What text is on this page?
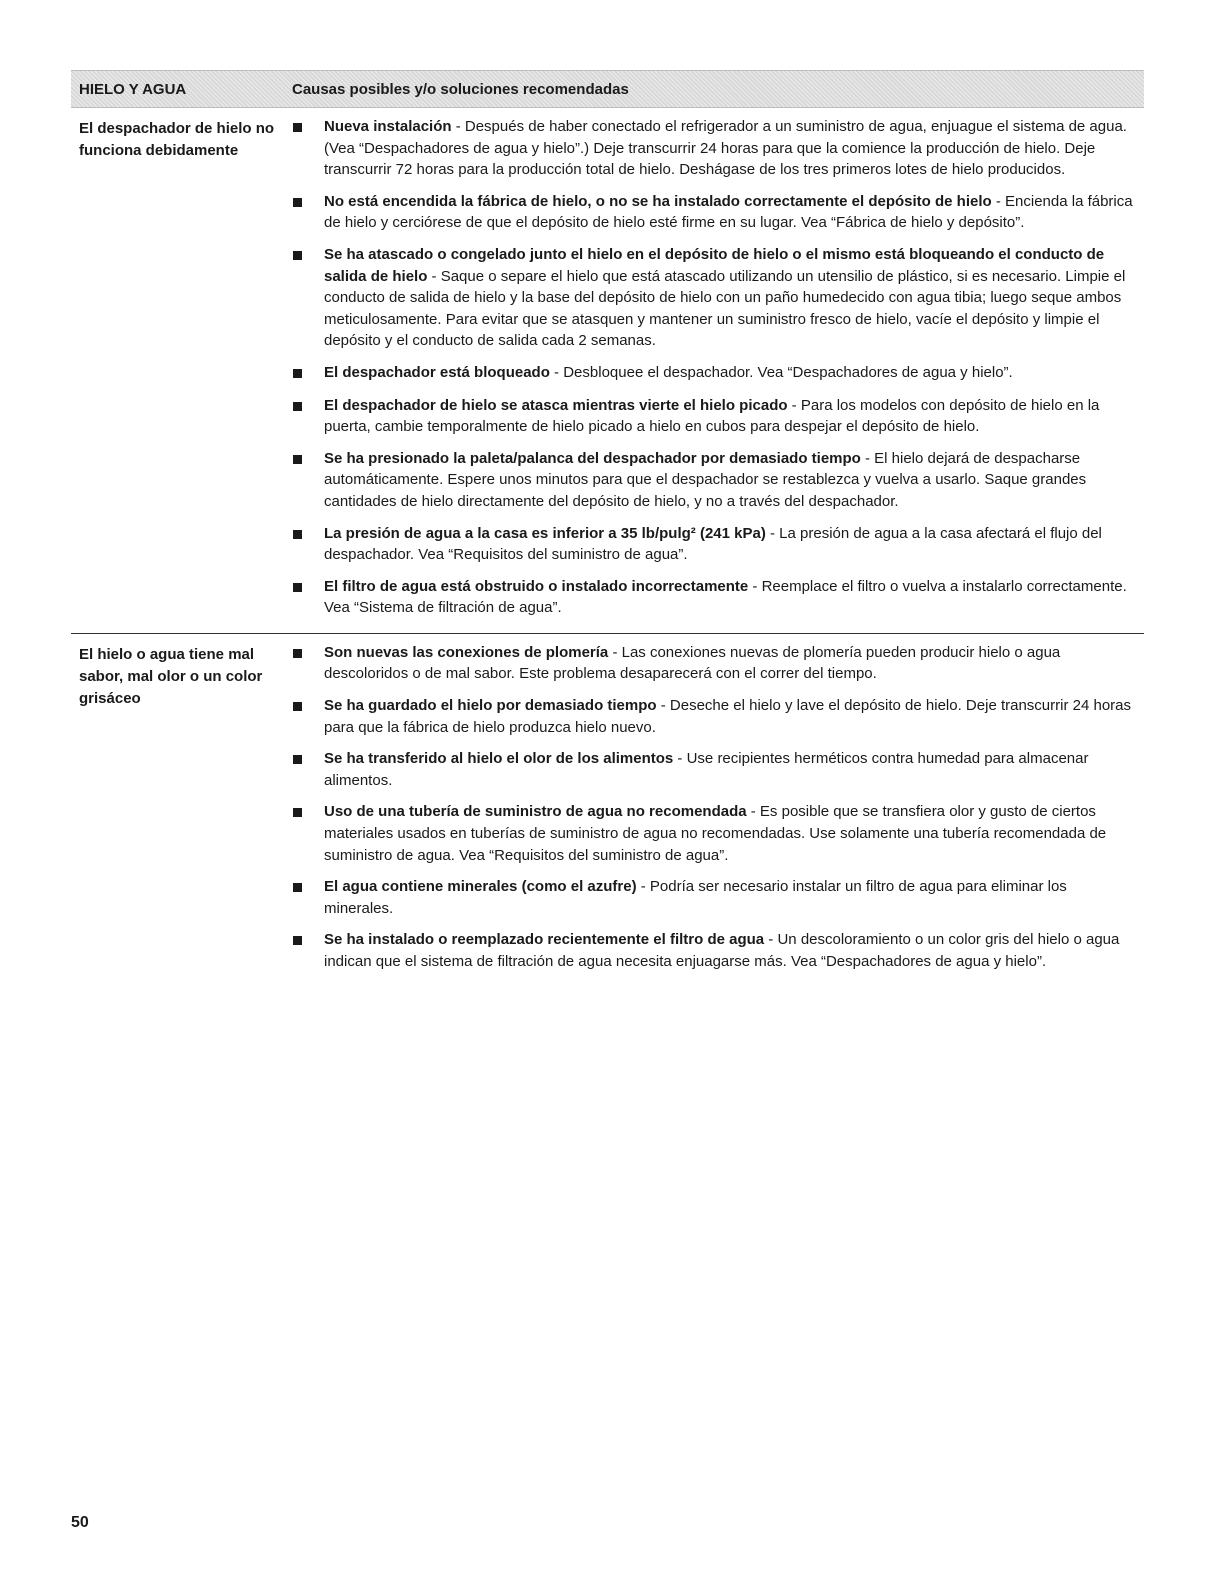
HIELO Y AGUA	Causas posibles y/o soluciones recomendadas
El despachador de hielo no funciona debidamente
Nueva instalación - Después de haber conectado el refrigerador a un suministro de agua, enjuague el sistema de agua. (Vea “Despachadores de agua y hielo”.) Deje transcurrir 24 horas para que la comience la producción de hielo. Deje transcurrir 72 horas para la producción total de hielo. Deshágase de los tres primeros lotes de hielo producidos.
No está encendida la fábrica de hielo, o no se ha instalado correctamente el depósito de hielo - Encienda la fábrica de hielo y cerciórese de que el depósito de hielo esté firme en su lugar. Vea “Fábrica de hielo y depósito”.
Se ha atascado o congelado junto el hielo en el depósito de hielo o el mismo está bloqueando el conducto de salida de hielo - Saque o separe el hielo que está atascado utilizando un utensilio de plástico, si es necesario. Limpie el conducto de salida de hielo y la base del depósito de hielo con un paño humedecido con agua tibia; luego seque ambos meticulosamente. Para evitar que se atasquen y mantener un suministro fresco de hielo, vacíe el depósito y limpie el depósito y el conducto de salida cada 2 semanas.
El despachador está bloqueado - Desbloquee el despachador. Vea “Despachadores de agua y hielo”.
El despachador de hielo se atasca mientras vierte el hielo picado - Para los modelos con depósito de hielo en la puerta, cambie temporalmente de hielo picado a hielo en cubos para despejar el depósito de hielo.
Se ha presionado la paleta/palanca del despachador por demasiado tiempo - El hielo dejará de despacharse automáticamente. Espere unos minutos para que el despachador se restablezca y vuelva a usarlo. Saque grandes cantidades de hielo directamente del depósito de hielo, y no a través del despachador.
La presión de agua a la casa es inferior a 35 lb/pulg² (241 kPa) - La presión de agua a la casa afectará el flujo del despachador. Vea “Requisitos del suministro de agua”.
El filtro de agua está obstruido o instalado incorrectamente - Reemplace el filtro o vuelva a instalarlo correctamente. Vea “Sistema de filtración de agua”.
El hielo o agua tiene mal sabor, mal olor o un color grisáceo
Son nuevas las conexiones de plomería - Las conexiones nuevas de plomería pueden producir hielo o agua descoloridos o de mal sabor. Este problema desaparecerá con el correr del tiempo.
Se ha guardado el hielo por demasiado tiempo - Deseche el hielo y lave el depósito de hielo. Deje transcurrir 24 horas para que la fábrica de hielo produzca hielo nuevo.
Se ha transferido al hielo el olor de los alimentos - Use recipientes herméticos contra humedad para almacenar alimentos.
Uso de una tubería de suministro de agua no recomendada - Es posible que se transfiera olor y gusto de ciertos materiales usados en tuberías de suministro de agua no recomendadas. Use solamente una tubería recomendada de suministro de agua. Vea “Requisitos del suministro de agua”.
El agua contiene minerales (como el azufre) - Podría ser necesario instalar un filtro de agua para eliminar los minerales.
Se ha instalado o reemplazado recientemente el filtro de agua - Un descoloramiento o un color gris del hielo o agua indican que el sistema de filtración de agua necesita enjuagarse más. Vea “Despachadores de agua y hielo”.
50
